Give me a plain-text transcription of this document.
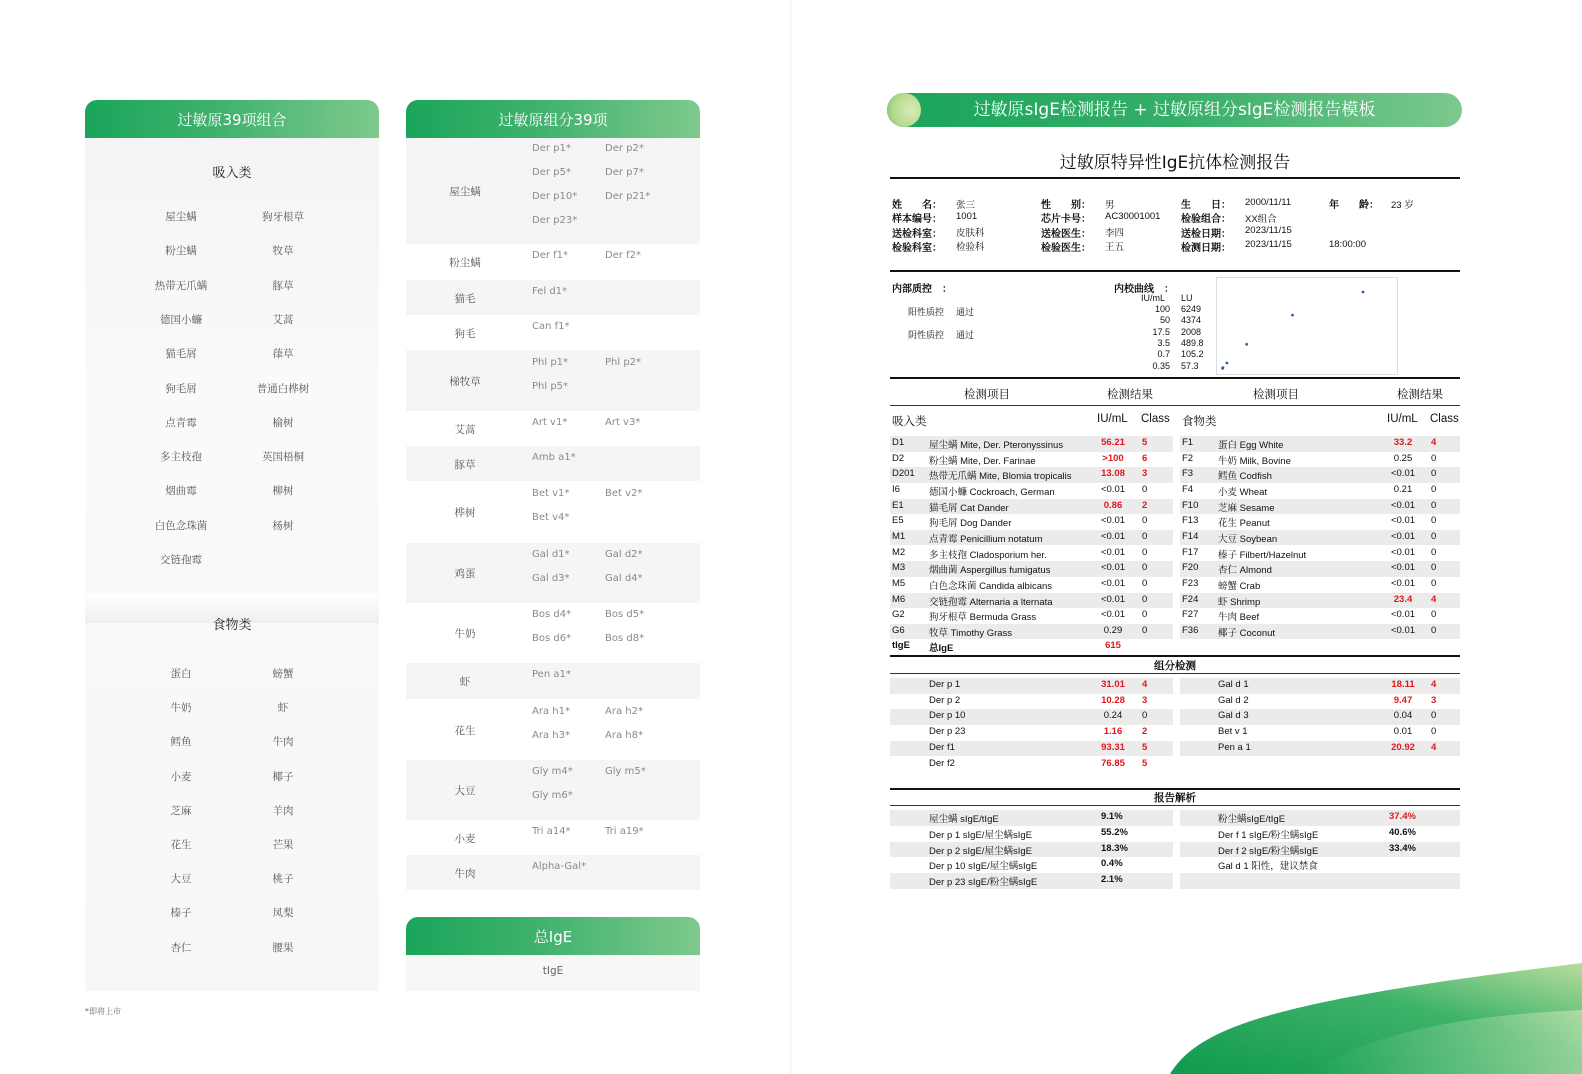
过敏原39项组合
吸入类
屋尘螨	狗牙根草
粉尘螨	牧草
热带无爪螨	豚草
德国小蠊	艾蒿
猫毛屑	葎草
狗毛屑	普通白桦树
点青霉	榆树
多主枝孢	英国梧桐
烟曲霉	柳树
白色念珠菌	杨树
交链孢霉
食物类
蛋白	螃蟹
牛奶	虾
鳕鱼	牛肉
小麦	椰子
芝麻	羊肉
花生	芒果
大豆	桃子
榛子	凤梨
杏仁	腰果
*即将上市
过敏原组分39项
屋尘螨
Der p1*	Der p2*
Der p5*	Der p7*
Der p10*	Der p21*
Der p23*
粉尘螨
Der f1*	Der f2*
猫毛
Fel d1*
狗毛
Can f1*
梯牧草
Phl p1*	Phl p2*
Phl p5*
艾蒿
Art v1*	Art v3*
豚草
Amb a1*
桦树
Bet v1*	Bet v2*
Bet v4*
鸡蛋
Gal d1*	Gal d2*
Gal d3*	Gal d4*
牛奶
Bos d4*	Bos d5*
Bos d6*	Bos d8*
虾
Pen a1*
花生
Ara h1*	Ara h2*
Ara h3*	Ara h8*
大豆
Gly m4*	Gly m5*
Gly m6*
小麦
Tri a14*	Tri a19*
牛肉
Alpha-Gal*
总IgE
tIgE
过敏原sIgE检测报告 + 过敏原组分sIgE检测报告模板
过敏原特异性IgE抗体检测报告
姓　　名： 张三	性　　别： 男	生　　日： 2000/11/11	年　　龄： 23 岁
样本编号： 1001	芯片卡号： AC30001001 检验组合： XX组合
送检科室： 皮肤科	送检医生： 李四	送检日期： 2023/11/15
检验科室： 检验科	检验医生： 王五	检测日期： 2023/11/15	18:00:00
内部质控　：
阳性质控 通过
阴性质控 通过
内校曲线　：
IU/mL LU
100 6249
50 4374
17.5 2008
3.5 489.8
0.7 105.2
0.35 57.3
检测项目	检测结果	检测项目	检测结果
吸入类	IU/mL Class 食物类	IU/mL Class
D1	屋尘螨 Mite, Der. Pteronyssinus	56.21	5
D2	粉尘螨 Mite, Der. Farinae	>100	6
D201 热带无爪螨 Mite, Blomia tropicalis	13.08	3
I6	德国小蠊 Cockroach, German	<0.01	0
E1	猫毛屑 Cat Dander	0.86	2
E5	狗毛屑 Dog Dander	<0.01	0
M1	点青霉 Penicillium notatum	<0.01	0
M2	多主枝孢 Cladosporium her.	<0.01	0
M3	烟曲菌 Aspergillus fumigatus	<0.01	0
M5	白色念珠菌 Candida albicans	<0.01	0
M6	交链孢霉 Alternaria a lternata	<0.01	0
G2	狗牙根草 Bermuda Grass	<0.01	0
G6	牧草 Timothy Grass	0.29	0
F1	蛋白 Egg White	33.2	4
F2	牛奶 Milk, Bovine	0.25	0
F3	鳕鱼 Codfish	<0.01	0
F4	小麦 Wheat	0.21	0
F10 芝麻 Sesame	<0.01	0
F13 花生 Peanut	<0.01	0
F14 大豆 Soybean	<0.01	0
F17 榛子 Filbert/Hazelnut	<0.01	0
F20 杏仁 Almond	<0.01	0
F23 螃蟹 Crab	<0.01	0
F24 虾 Shrimp	23.4	4
F27 牛肉 Beef	<0.01	0
F36 椰子 Coconut	<0.01	0
tIgE 总IgE	615
组分检测
Der p 1	31.01	4
Der p 2	10.28	3
Der p 10	0.24	0
Der p 23	1.16	2
Der f1	93.31	5
Der f2	76.85	5
Gal d 1	18.11	4
Gal d 2	9.47	3
Gal d 3	0.04	0
Bet v 1	0.01	0
Pen a 1	20.92	4
报告解析
屋尘螨 sIgE/tIgE	9.1%
Der p 1 sIgE/屋尘螨sIgE	55.2%
Der p 2 sIgE/屋尘螨sIgE	18.3%
Der p 10 sIgE/屋尘螨sIgE	0.4%
Der p 23 sIgE/粉尘螨sIgE	2.1%
粉尘螨sIgE/tIgE	37.4%
Der f 1 sIgE/粉尘螨sIgE	40.6%
Der f 2 sIgE/粉尘螨sIgE	33.4%
Gal d 1 阳性，建议禁食
